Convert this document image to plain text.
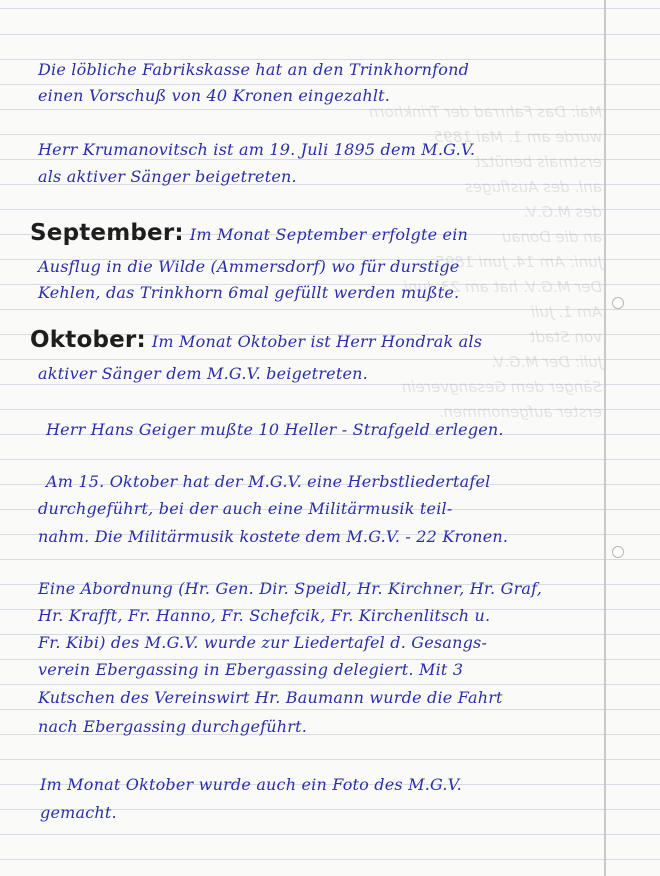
Mai: Das Fahrrad der Trinkhorn
wurde am 1. Mai 1895
erstmals benützt
anl. des Ausfluges
des M.G.V.
an die Donau
Juni: Am 14. Juni 1895
Der M.G.V. hat am 23. Juni
Am 1. Juli
von Stadt
Juli: Der M.G.V.
Sänger dem Gesangverein
erster aufgenommen.
Die löbliche Fabrikskasse hat an den Trinkhornfond
einen Vorschuß von 40 Kronen eingezahlt.
Herr Krumanovitsch ist am 19. Juli 1895 dem M.G.V.
als aktiver Sänger beigetreten.
September: Im Monat September erfolgte ein
Ausflug in die Wilde (Ammersdorf) wo für durstige
Kehlen, das Trinkhorn 6mal gefüllt werden mußte.
Oktober: Im Monat Oktober ist Herr Hondrak als
aktiver Sänger dem M.G.V. beigetreten.
Herr Hans Geiger mußte 10 Heller - Strafgeld erlegen.
Am 15. Oktober hat der M.G.V. eine Herbstliedertafel
durchgeführt, bei der auch eine Militärmusik teil-
nahm. Die Militärmusik kostete dem M.G.V. - 22 Kronen.
Eine Abordnung (Hr. Gen. Dir. Speidl, Hr. Kirchner, Hr. Graf,
Hr. Krafft, Fr. Hanno, Fr. Schefcik, Fr. Kirchenlitsch u.
Fr. Kibi) des M.G.V. wurde zur Liedertafel d. Gesangs-
verein Ebergassing in Ebergassing delegiert. Mit 3
Kutschen des Vereinswirt Hr. Baumann wurde die Fahrt
nach Ebergassing durchgeführt.
Im Monat Oktober wurde auch ein Foto des M.G.V.
gemacht.
